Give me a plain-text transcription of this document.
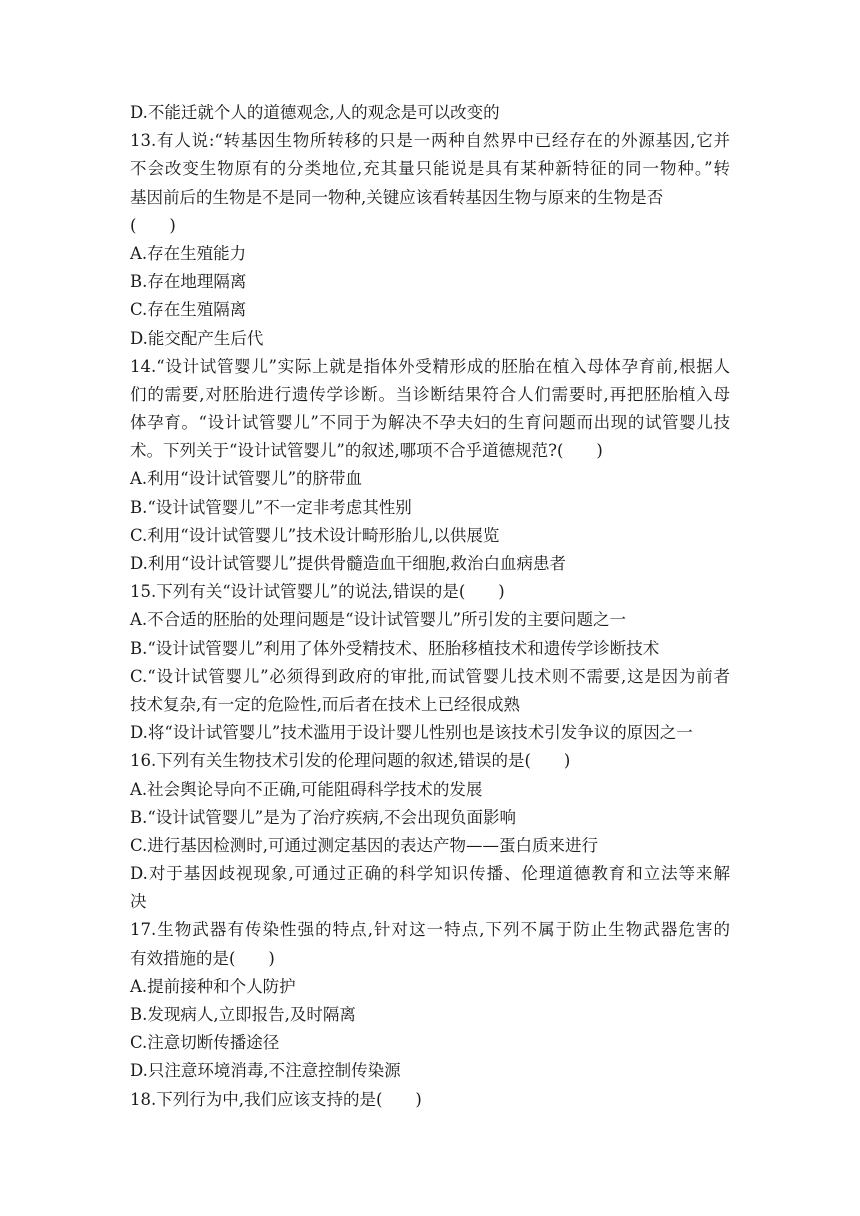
D.不能迁就个人的道德观念,人的观念是可以改变的
13.有人说:“转基因生物所转移的只是一两种自然界中已经存在的外源基因,它并
不会改变生物原有的分类地位,充其量只能说是具有某种新特征的同一物种。”转
基因前后的生物是不是同一物种,关键应该看转基因生物与原来的生物是否
(　　)
A.存在生殖能力
B.存在地理隔离
C.存在生殖隔离
D.能交配产生后代
14.“设计试管婴儿”实际上就是指体外受精形成的胚胎在植入母体孕育前,根据人
们的需要,对胚胎进行遗传学诊断。当诊断结果符合人们需要时,再把胚胎植入母
体孕育。“设计试管婴儿”不同于为解决不孕夫妇的生育问题而出现的试管婴儿技
术。下列关于“设计试管婴儿”的叙述,哪项不合乎道德规范?(　　)
A.利用“设计试管婴儿”的脐带血
B.“设计试管婴儿”不一定非考虑其性别
C.利用“设计试管婴儿”技术设计畸形胎儿,以供展览
D.利用“设计试管婴儿”提供骨髓造血干细胞,救治白血病患者
15.下列有关“设计试管婴儿”的说法,错误的是(　　)
A.不合适的胚胎的处理问题是“设计试管婴儿”所引发的主要问题之一
B.“设计试管婴儿”利用了体外受精技术、胚胎移植技术和遗传学诊断技术
C.“设计试管婴儿”必须得到政府的审批,而试管婴儿技术则不需要,这是因为前者
技术复杂,有一定的危险性,而后者在技术上已经很成熟
D.将“设计试管婴儿”技术滥用于设计婴儿性别也是该技术引发争议的原因之一
16.下列有关生物技术引发的伦理问题的叙述,错误的是(　　)
A.社会舆论导向不正确,可能阻碍科学技术的发展
B.“设计试管婴儿”是为了治疗疾病,不会出现负面影响
C.进行基因检测时,可通过测定基因的表达产物——蛋白质来进行
D.对于基因歧视现象,可通过正确的科学知识传播、伦理道德教育和立法等来解
决
17.生物武器有传染性强的特点,针对这一特点,下列不属于防止生物武器危害的
有效措施的是(　　)
A.提前接种和个人防护
B.发现病人,立即报告,及时隔离
C.注意切断传播途径
D.只注意环境消毒,不注意控制传染源
18.下列行为中,我们应该支持的是(　　)
